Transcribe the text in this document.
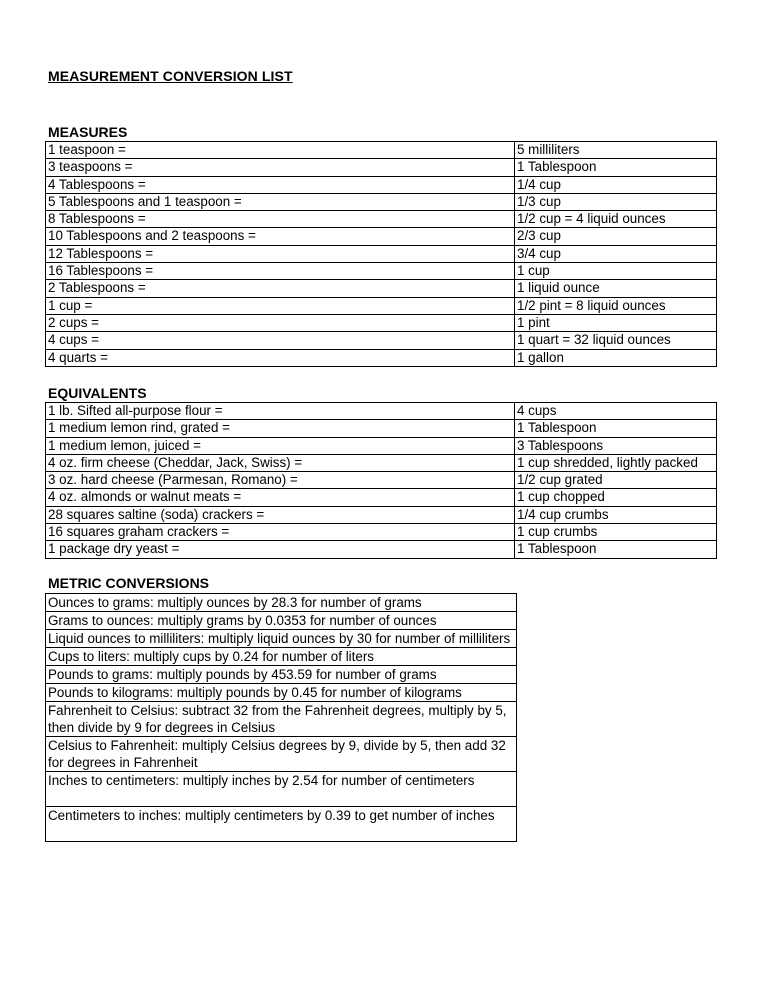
MEASUREMENT CONVERSION LIST
MEASURES
1 teaspoon =	5 milliliters
3 teaspoons =	1 Tablespoon
4 Tablespoons =	1/4 cup
5 Tablespoons and 1 teaspoon =	1/3 cup
8 Tablespoons =	1/2 cup = 4 liquid ounces
10 Tablespoons and 2 teaspoons =	2/3 cup
12 Tablespoons =	3/4 cup
16 Tablespoons =	1 cup
2 Tablespoons =	1 liquid ounce
1 cup =	1/2 pint = 8 liquid ounces
2 cups =	1 pint
4 cups =	1 quart = 32 liquid ounces
4 quarts =	1 gallon
EQUIVALENTS
1 lb. Sifted all-purpose flour =	4 cups
1 medium lemon rind, grated =	1 Tablespoon
1 medium lemon, juiced =	3 Tablespoons
4 oz. firm cheese (Cheddar, Jack, Swiss) =	1 cup shredded, lightly packed
3 oz. hard cheese (Parmesan, Romano) =	1/2 cup grated
4 oz. almonds or walnut meats =	1 cup chopped
28 squares saltine (soda) crackers =	1/4 cup crumbs
16 squares graham crackers =	1 cup crumbs
1 package dry yeast =	1 Tablespoon
METRIC CONVERSIONS
Ounces to grams: multiply ounces by 28.3 for number of grams
Grams to ounces: multiply grams by 0.0353 for number of ounces
Liquid ounces to milliliters: multiply liquid ounces by 30 for number of milliliters
Cups to liters: multiply cups by 0.24 for number of liters
Pounds to grams: multiply pounds by 453.59 for number of grams
Pounds to kilograms: multiply pounds by 0.45 for number of kilograms
Fahrenheit to Celsius: subtract 32 from the Fahrenheit degrees, multiply by 5, then divide by 9 for degrees in Celsius
Celsius to Fahrenheit: multiply Celsius degrees by 9, divide by 5, then add 32 for degrees in Fahrenheit
Inches to centimeters: multiply inches by 2.54 for number of centimeters
Centimeters to inches: multiply centimeters by 0.39 to get number of inches
